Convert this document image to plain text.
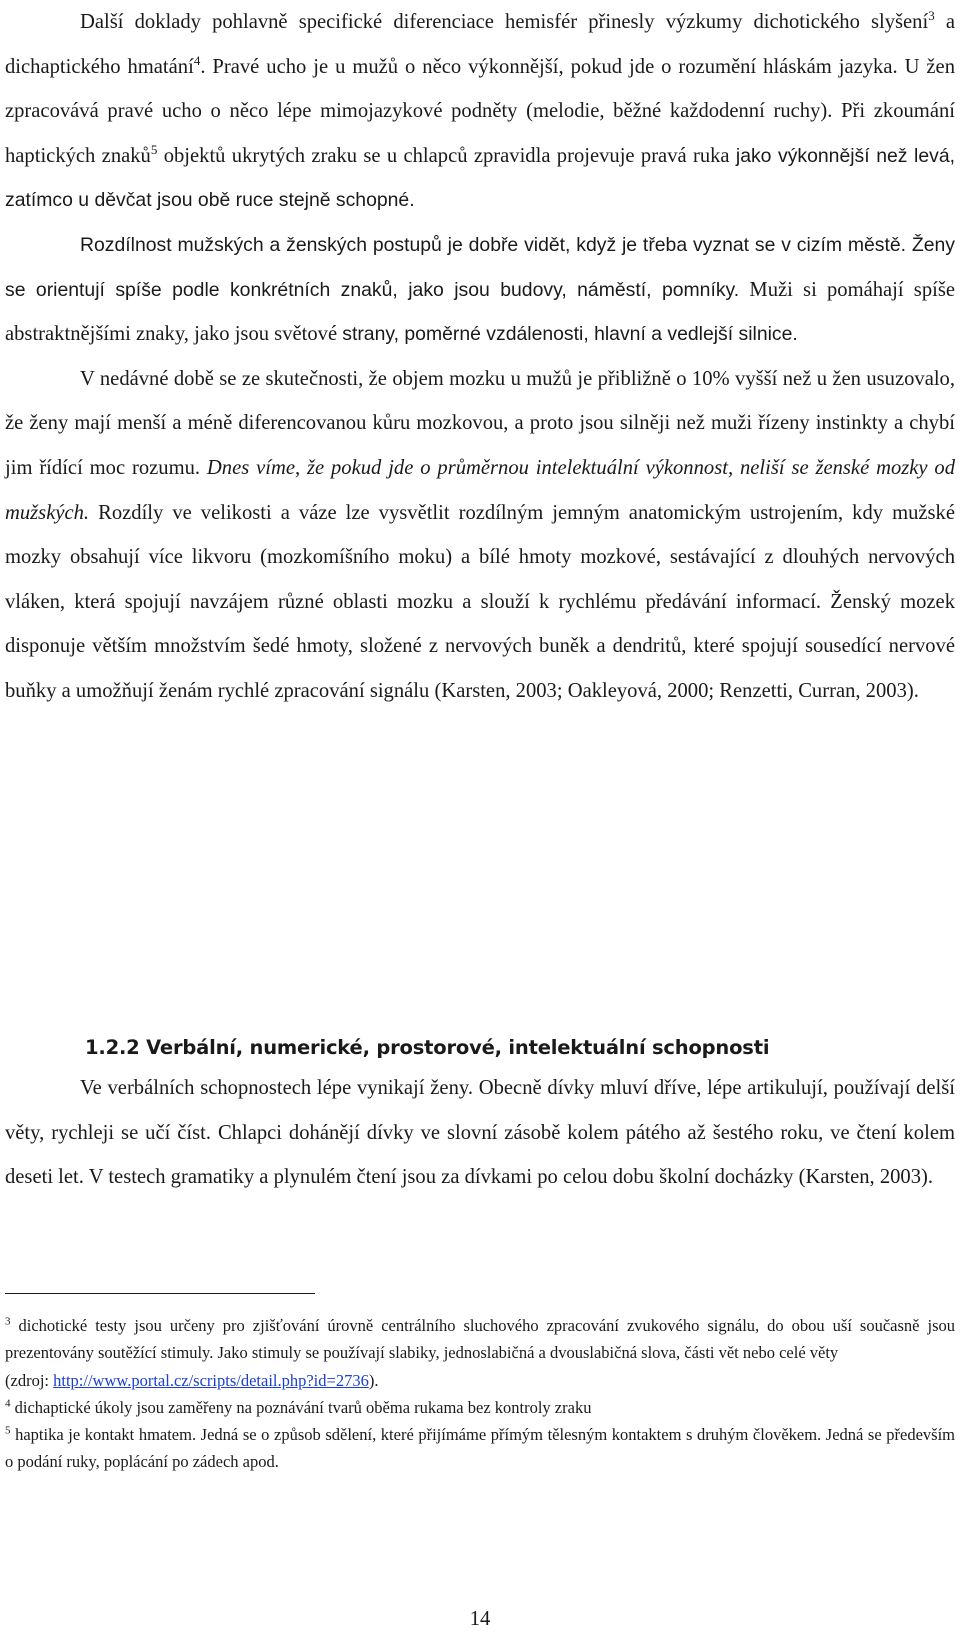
Další doklady pohlavně specifické diferenciace hemisfér přinesly výzkumy dichotického slyšení$^3$ a dichaptického hmatání$^4$. Pravé ucho je u mužů o něco výkonnější, pokud jde o rozumění hláskám jazyka. U žen zpracovává pravé ucho o něco lépe mimojazykové podněty (melodie, běžné každodenní ruchy). Při zkoumání haptických znaků$^5$ objektů ukrytých zraku se u chlapců zpravidla projevuje pravá ruka jako výkonnější než levá, zatímco u děvčat jsou obě ruce stejně schopné.

Rozdílnost mužských a ženských postupů je dobře vidět, když je třeba vyznat se v cizím městě. Ženy se orientují spíše podle konkrétních znaků, jako jsou budovy, náměstí, pomníky. Muži si pomáhají spíše abstraktnějšími znaky, jako jsou světové strany, poměrné vzdálenosti, hlavní a vedlejší silnice.

V nedávné době se ze skutečnosti, že objem mozku u mužů je přibližně o 10% vyšší než u žen usuzovalo, že ženy mají menší a méně diferencovanou kůru mozkovou, a proto jsou silněji než muži řízeny instinkty a chybí jim řídící moc rozumu. Dnes víme, že pokud jde o průměrnou intelektuální výkonnost, neliší se ženské mozky od mužských. Rozdíly ve velikosti a váze lze vysvětlit rozdílným jemným anatomickým ustrojením, kdy mužské mozky obsahují více likvoru (mozkomíšního moku) a bílé hmoty mozkové, sestávající z dlouhých nervových vláken, která spojují navzájem různé oblasti mozku a slouží k rychlému předávání informací. Ženský mozek disponuje větším množstvím šedé hmoty, složené z nervových buněk a dendritů, které spojují sousedící nervové buňky a umožňují ženám rychlé zpracování signálu (Karsten, 2003; Oakleyová, 2000; Renzetti, Curran, 2003).

1.2.2 Verbální, numerické, prostorové, intelektuální schopnosti

Ve verbálních schopnostech lépe vynikají ženy. Obecně dívky mluví dříve, lépe artikulují, používají delší věty, rychleji se učí číst. Chlapci dohánějí dívky ve slovní zásobě kolem pátého až šestého roku, ve čtení kolem deseti let. V testech gramatiky a plynulém čtení jsou za dívkami po celou dobu školní docházky (Karsten, 2003).

$^3$ dichotické testy jsou určeny pro zjišťování úrovně centrálního sluchového zpracování zvukového signálu, do obou uší současně jsou prezentovány soutěžící stimuly. Jako stimuly se používají slabiky, jednoslabičná a dvouslabičná slova, části vět nebo celé věty
(zdroj: http://www.portal.cz/scripts/detail.php?id=2736).

$^4$ dichaptické úkoly jsou zaměřeny na poznávání tvarů oběma rukama bez kontroly zraku

$^5$ haptika je kontakt hmatem. Jedná se o způsob sdělení, které přijímáme přímým tělesným kontaktem s druhým člověkem. Jedná se především o podání ruky, poplácání po zádech apod.

14
